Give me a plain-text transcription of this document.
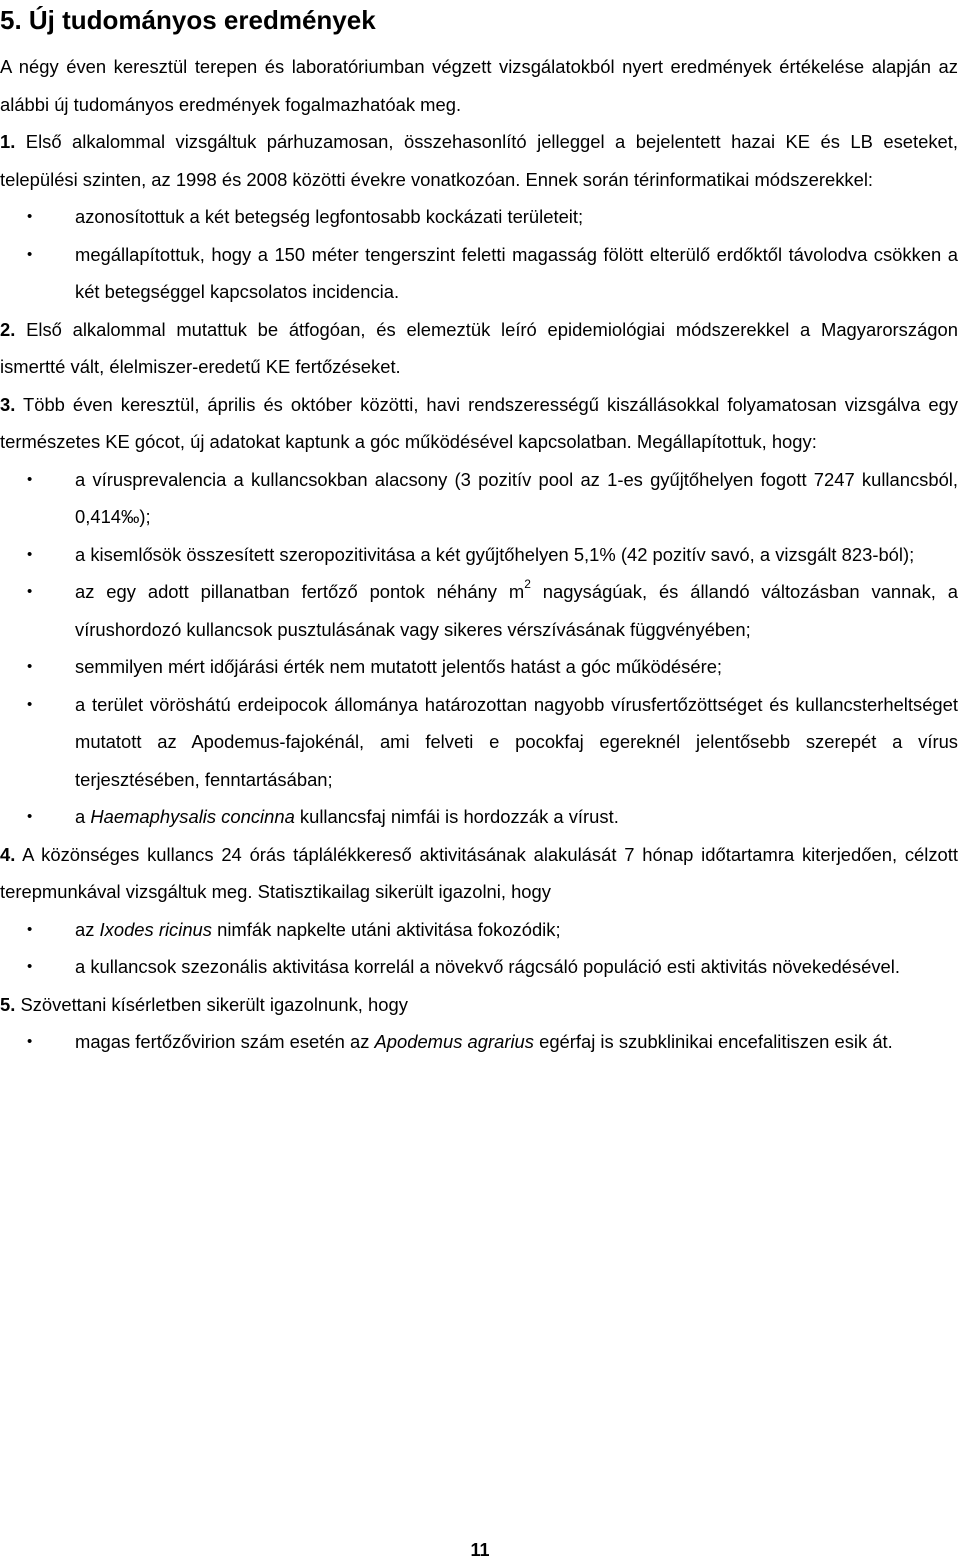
5. Új tudományos eredmények

A négy éven keresztül terepen és laboratóriumban végzett vizsgálatokból nyert eredmények értékelése alapján az alábbi új tudományos eredmények fogalmazhatóak meg.

1. Első alkalommal vizsgáltuk párhuzamosan, összehasonlító jelleggel a bejelentett hazai KE és LB eseteket, települési szinten, az 1998 és 2008 közötti évekre vonatkozóan. Ennek során térinformatikai módszerekkel:

• azonosítottuk a két betegség legfontosabb kockázati területeit;
• megállapítottuk, hogy a 150 méter tengerszint feletti magasság fölött elterülő erdőktől távolodva csökken a két betegséggel kapcsolatos incidencia.

2. Első alkalommal mutattuk be átfogóan, és elemeztük leíró epidemiológiai módszerekkel a Magyarországon ismertté vált, élelmiszer-eredetű KE fertőzéseket.

3. Több éven keresztül, április és október közötti, havi rendszerességű kiszállásokkal folyamatosan vizsgálva egy természetes KE gócot, új adatokat kaptunk a góc működésével kapcsolatban. Megállapítottuk, hogy:

• a vírusprevalencia a kullancsokban alacsony (3 pozitív pool az 1-es gyűjtőhelyen fogott 7247 kullancsból, 0,414‰);
• a kisemlősök összesített szeropozitivitása a két gyűjtőhelyen 5,1% (42 pozitív savó, a vizsgált 823-ból);
• az egy adott pillanatban fertőző pontok néhány $m^2$ nagyságúak, és állandó változásban vannak, a vírushordozó kullancsok pusztulásának vagy sikeres vérszívásának függvényében;
• semmilyen mért időjárási érték nem mutatott jelentős hatást a góc működésére;
• a terület vöröshátú erdeipocok állománya határozottan nagyobb vírusfertőzöttséget és kullancsterheltséget mutatott az Apodemus-fajokénál, ami felveti e pocokfaj egereknél jelentősebb szerepét a vírus terjesztésében, fenntartásában;
• a Haemaphysalis concinna kullancsfaj nimfái is hordozzák a vírust.

4. A közönséges kullancs 24 órás táplálékkereső aktivitásának alakulását 7 hónap időtartamra kiterjedően, célzott terepmunkával vizsgáltuk meg. Statisztikailag sikerült igazolni, hogy

• az Ixodes ricinus nimfák napkelte utáni aktivitása fokozódik;
• a kullancsok szezonális aktivitása korrelál a növekvő rágcsáló populáció esti aktivitás növekedésével.

5. Szövettani kísérletben sikerült igazolnunk, hogy

• magas fertőzővirion szám esetén az Apodemus agrarius egérfaj is szubklinikai encefalitiszen esik át.
11
